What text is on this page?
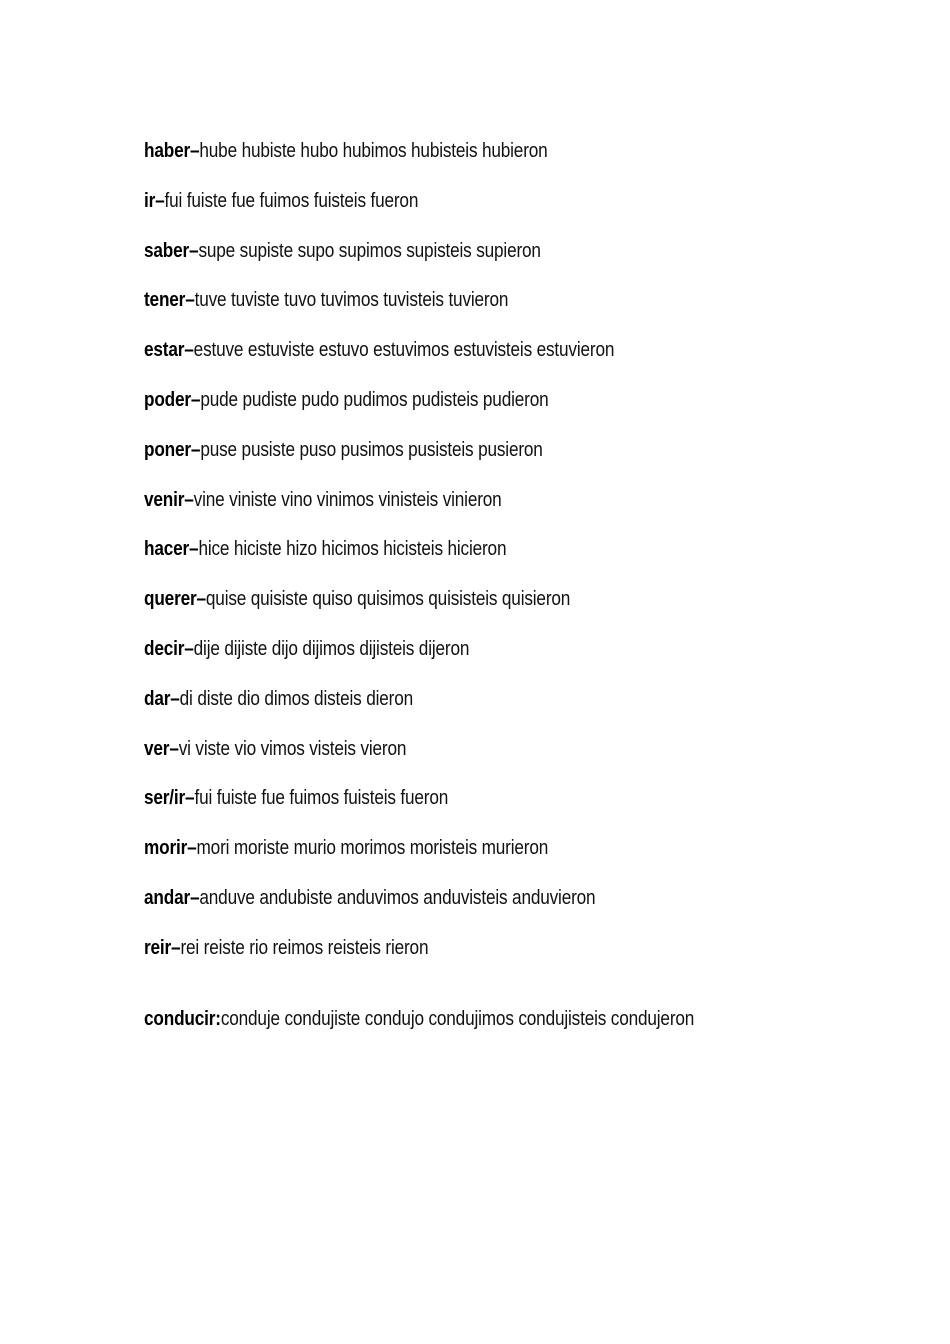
haber–hube hubiste hubo hubimos hubisteis hubieron
ir–fui fuiste fue fuimos fuisteis fueron
saber–supe supiste supo supimos supisteis supieron
tener–tuve tuviste tuvo tuvimos tuvisteis tuvieron
estar–estuve estuviste estuvo estuvimos estuvisteis estuvieron
poder–pude pudiste pudo pudimos pudisteis pudieron
poner–puse pusiste puso pusimos pusisteis pusieron
venir–vine viniste vino vinimos vinisteis vinieron
hacer–hice hiciste hizo hicimos hicisteis hicieron
querer–quise quisiste quiso quisimos quisisteis quisieron
decir–dije dijiste dijo dijimos dijisteis dijeron
dar–di diste dio dimos disteis dieron
ver–vi viste vio vimos visteis vieron
ser/ir–fui fuiste fue fuimos fuisteis fueron
morir–mori moriste murio morimos moristeis murieron
andar–anduve andubiste anduvimos anduvisteis anduvieron
reir–rei reiste rio reimos reisteis rieron
conducir:conduje condujiste condujo condujimos condujisteis condujeron
